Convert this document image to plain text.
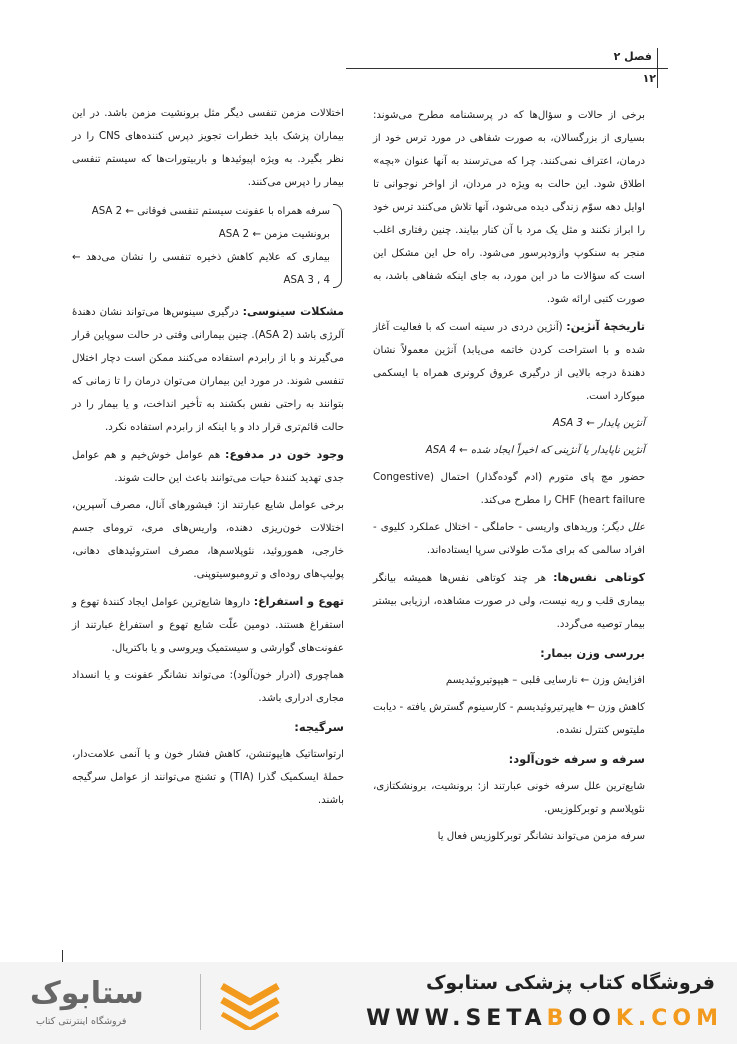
فصل ۲
۱۲

برخی از حالات و سؤال‌ها که در پرسشنامه مطرح می‌شوند: بسیاری از بزرگسالان، به صورت شفاهی در مورد ترس خود از درمان، اعتراف نمی‌کنند. چرا که می‌ترسند به آنها عنوان «بچه» اطلاق شود. این حالت به ویژه در مردان، از اواخر نوجوانی تا اوایل دهه سوّم زندگی دیده می‌شود، آنها تلاش می‌کنند ترس خود را ابراز نکنند و مثل یک مرد با آن کنار بیایند. چنین رفتاری اغلب منجر به سنکوپ وازودپرسور می‌شود. راه حل این مشکل این است که سؤالات ما در این مورد، به جای اینکه شفاهی باشد، به صورت کتبی ارائه شود.

تاریخچهٔ آنژین: (آنژین دردی در سینه است که با فعالیت آغاز شده و با استراحت کردن خاتمه می‌یابد) آنژین معمولاً نشان دهندهٔ درجه بالایی از درگیری عروق کرونری همراه با ایسکمی میوکارد است.

آنژین پایدار ← ASA 3

آنژین ناپایدار یا آنژینی که اخیراً ایجاد شده ← ASA 4

حضور مچ پای متورم (ادم گوده‌گذار) احتمال (Congestive heart failure) CHF را مطرح می‌کند.

علل دیگر: وریدهای واریسی - حاملگی - اختلال عملکرد کلیوی - افراد سالمی که برای مدّت طولانی سرپا ایستاده‌اند.

کوتاهی نفس‌ها: هر چند کوتاهی نفس‌ها همیشه بیانگر بیماری قلب و ریه نیست، ولی در صورت مشاهده، ارزیابی بیشتر بیمار توصیه می‌گردد.

بررسی وزن بیمار:

افزایش وزن ← نارسایی قلبی – هیپوتیروئیدیسم

کاهش وزن ← هایپرتیروئیدیسم - کارسینوم گسترش یافته - دیابت ملیتوس کنترل نشده.

سرفه و سرفه خون‌آلود:

شایع‌ترین علل سرفه خونی عبارتند از: برونشیت، برونشکتازی، نئوپلاسم و توبرکلوزیس.

سرفه مزمن می‌تواند نشانگر توبرکلوزیس فعال یا

اختلالات مزمن تنفسی دیگر مثل برونشیت مزمن باشد. در این بیماران پزشک باید خطرات تجویز دپرس کننده‌های CNS را در نظر بگیرد. به ویژه اپیوئیدها و باربیتورات‌ها که سیستم تنفسی بیمار را دپرس می‌کنند.

سرفه همراه با عفونت سیستم تنفسی فوقانی ← ASA 2

برونشیت مزمن ← ASA 2

بیماری که علایم کاهش ذخیره تنفسی را نشان می‌دهد ← ASA 3 , 4

مشکلات سینوسی: درگیری سینوس‌ها می‌تواند نشان دهندهٔ آلرژی باشد (ASA 2). چنین بیمارانی وقتی در حالت سوپاین قرار می‌گیرند و با از رابردم استفاده می‌کنند ممکن است دچار اختلال تنفسی شوند. در مورد این بیماران می‌توان درمان را تا زمانی که بتوانند به راحتی نفس بکشند به تأخیر انداخت، و یا بیمار را در حالت قائم‌تری قرار داد و یا اینکه از رابردم استفاده نکرد.

وجود خون در مدفوع: هم عوامل خوش‌خیم و هم عوامل جدی تهدید کنندهٔ حیات می‌توانند باعث این حالت شوند.

برخی عوامل شایع عبارتند از: فیشورهای آنال، مصرف آسپرین، اختلالات خون‌ریزی دهنده، واریس‌های مری، ترومای جسم خارجی، هموروئید، نئوپلاسم‌ها، مصرف استروئیدهای دهانی، پولیپ‌های روده‌ای و ترومبوسیتوپنی.

تهوع و استفراغ: داروها شایع‌ترین عوامل ایجاد کنندهٔ تهوع و استفراغ هستند. دومین علّت شایع تهوع و استفراغ عبارتند از عفونت‌های گوارشی و سیستمیک ویروسی و یا باکتریال.

هماچوری (ادرار خون‌آلود): می‌تواند نشانگر عفونت و یا انسداد مجاری ادراری باشد.

سرگیجه:

ارتواستاتیک هایپوتنشن، کاهش فشار خون و یا آنمی علامت‌دار، حملهٔ ایسکمیک گذرا (TIA) و تشنج می‌توانند از عوامل سرگیجه باشند.

فروشگاه کتاب پزشکی ستابوک
WWW.SETABOOK.COM
ستابوک
فروشگاه اینترنتی کتاب
